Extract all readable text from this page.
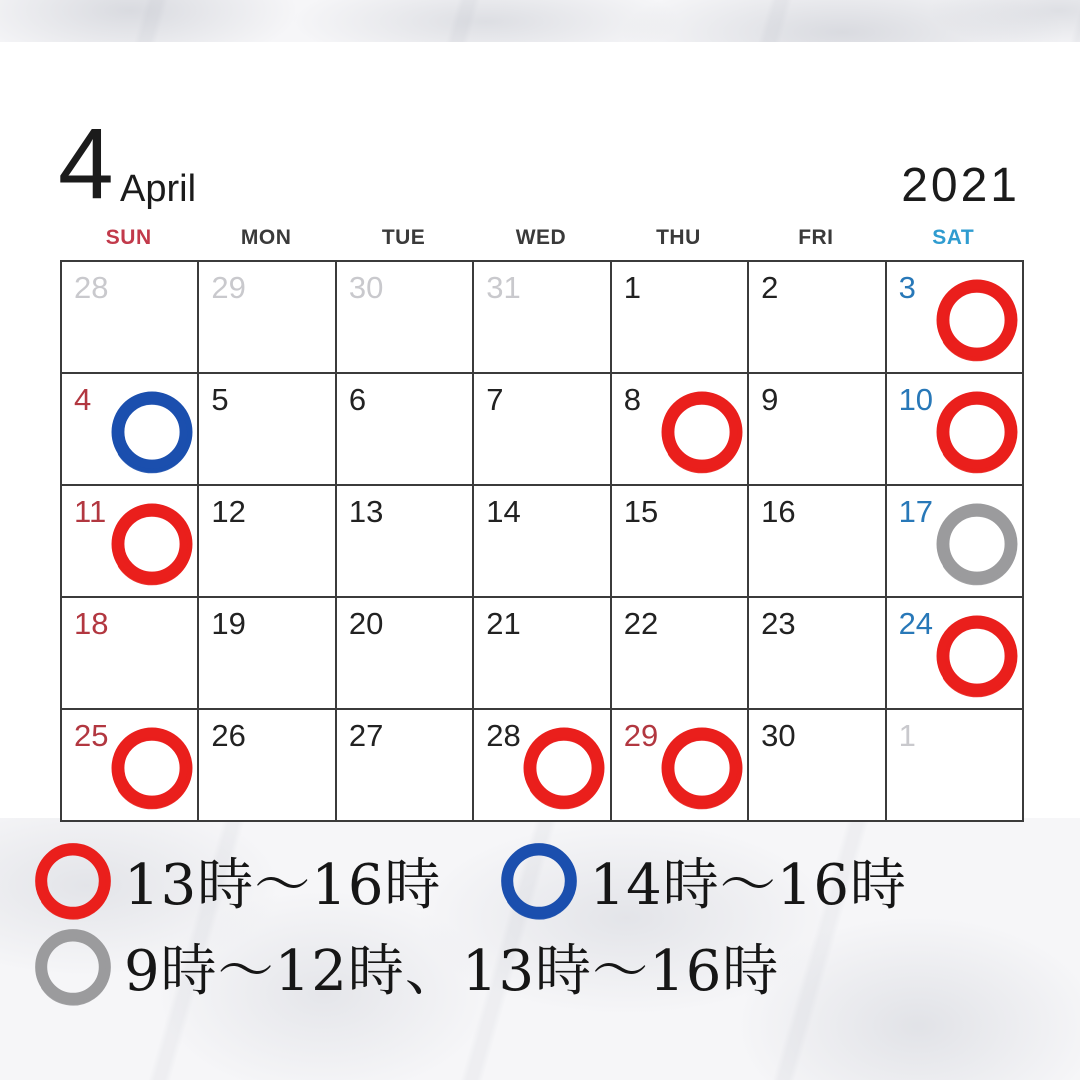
4 April	2021
SUN	MON	TUE	WED	THU	FRI	SAT
28	29	30	31	1	2	3
4	5	6	7	8	9	10
11	12	13	14	15	16	17
18	19	20	21	22	23	24
25	26	27	28	29	30	1
13時〜16時	14時〜16時
9時〜12時、13時〜16時
